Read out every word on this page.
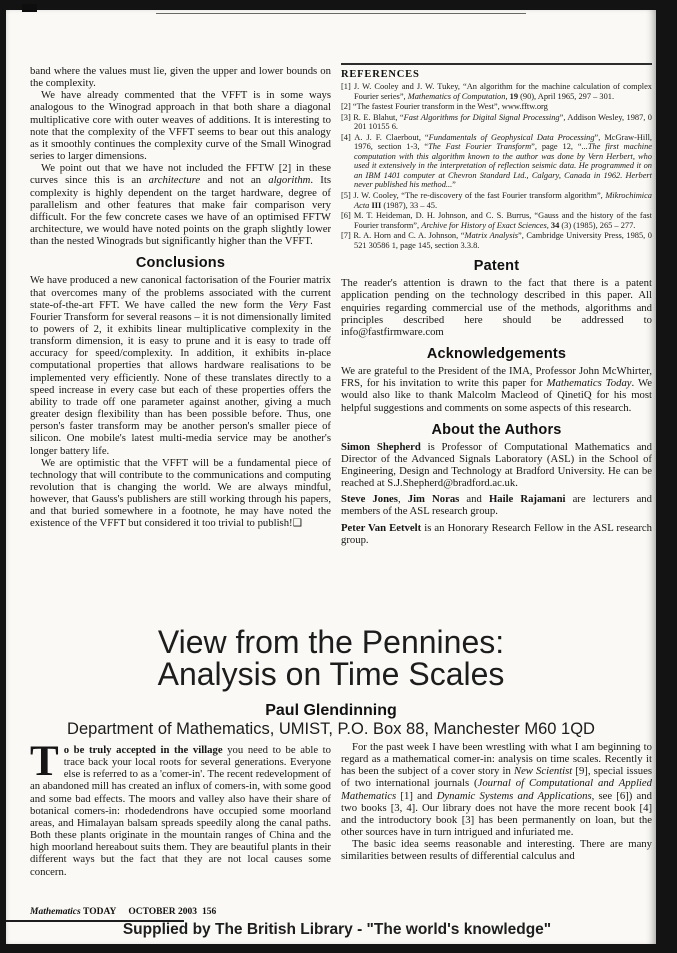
band where the values must lie, given the upper and lower bounds on the complexity.

We have already commented that the VFFT is in some ways analogous to the Winograd approach in that both share a diagonal multiplicative core with outer weaves of additions. It is interesting to note that the complexity of the VFFT seems to bear out this analogy as it smoothly continues the complexity curve of the Small Winograd series to larger dimensions.

We point out that we have not included the FFTW [2] in these curves since this is an architecture and not an algorithm. Its complexity is highly dependent on the target hardware, degree of parallelism and other features that make fair comparison very difficult. For the few concrete cases we have of an optimised FFTW architecture, we would have noted points on the graph slightly lower than the nested Winograds but significantly higher than the VFFT.

Conclusions

We have produced a new canonical factorisation of the Fourier matrix that overcomes many of the problems associated with the current state-of-the-art FFT. We have called the new form the Very Fast Fourier Transform for several reasons – it is not dimensionally limited to powers of 2, it exhibits linear multiplicative complexity in the transform dimension, it is easy to prune and it is easy to trade off accuracy for speed/complexity. In addition, it exhibits in-place computational properties that allows hardware realisations to be implemented very efficiently. None of these translates directly to a speed increase in every case but each of these properties offers the ability to trade off one parameter against another, giving a much greater design flexibility than has been possible before. Thus, one person's faster transform may be another person's smaller piece of silicon. One mobile's latest multi-media service may be another's longer battery life.

We are optimistic that the VFFT will be a fundamental piece of technology that will contribute to the communications and computing revolution that is changing the world. We are always mindful, however, that Gauss's publishers are still working through his papers, and that buried somewhere in a footnote, he may have noted the existence of the VFFT but considered it too trivial to publish!❑

REFERENCES

[1] J. W. Cooley and J. W. Tukey, “An algorithm for the machine calculation of complex Fourier series”, Mathematics of Computation, 19 (90), April 1965, 297 – 301.

[2] “The fastest Fourier transform in the West”, www.fftw.org

[3] R. E. Blahut, “Fast Algorithms for Digital Signal Processing”, Addison Wesley, 1987, 0 201 10155 6.

[4] A. J. F. Claerbout, “Fundamentals of Geophysical Data Processing”, McGraw-Hill, 1976, section 1-3, “The Fast Fourier Transform”, page 12, “...The first machine computation with this algorithm known to the author was done by Vern Herbert, who used it extensively in the interpretation of reflection seismic data. He programmed it on an IBM 1401 computer at Chevron Standard Ltd., Calgary, Canada in 1962. Herbert never published his method...”

[5] J. W. Cooley, “The re-discovery of the fast Fourier transform algorithm”, Mikrochimica Acta III (1987), 33 – 45.

[6] M. T. Heideman, D. H. Johnson, and C. S. Burrus, “Gauss and the history of the fast Fourier transform”, Archive for History of Exact Sciences, 34 (3) (1985), 265 – 277.

[7] R. A. Horn and C. A. Johnson, “Matrix Analysis”, Cambridge University Press, 1985, 0 521 30586 1, page 145, section 3.3.8.

Patent

The reader's attention is drawn to the fact that there is a patent application pending on the technology described in this paper. All enquiries regarding commercial use of the methods, algorithms and principles described here should be addressed to info@fastfirmware.com

Acknowledgements

We are grateful to the President of the IMA, Professor John McWhirter, FRS, for his invitation to write this paper for Mathematics Today. We would also like to thank Malcolm Macleod of QinetiQ for his most helpful suggestions and comments on some aspects of this research.

About the Authors

Simon Shepherd is Professor of Computational Mathematics and Director of the Advanced Signals Laboratory (ASL) in the School of Engineering, Design and Technology at Bradford University. He can be reached at S.J.Shepherd@bradford.ac.uk.

Steve Jones, Jim Noras and Haile Rajamani are lecturers and members of the ASL research group.

Peter Van Eetvelt is an Honorary Research Fellow in the ASL research group.

View from the Pennines:
Analysis on Time Scales
Paul Glendinning
Department of Mathematics, UMIST, P.O. Box 88, Manchester M60 1QD

To be truly accepted in the village you need to be able to trace back your local roots for several generations. Everyone else is referred to as a 'comer-in'. The recent redevelopment of an abandoned mill has created an influx of comers-in, with some good and some bad effects. The moors and valley also have their share of botanical comers-in: rhodedendrons have occupied some moorland areas, and Himalayan balsam spreads speedily along the canal paths. Both these plants originate in the mountain ranges of China and the high moorland hereabout suits them. They are beautiful plants in their different ways but the fact that they are not local causes some concern.

For the past week I have been wrestling with what I am beginning to regard as a mathematical comer-in: analysis on time scales. Recently it has been the subject of a cover story in New Scientist [9], special issues of two international journals (Journal of Computational and Applied Mathematics [1] and Dynamic Systems and Applications, see [6]) and two books [3, 4]. Our library does not have the more recent book [4] and the introductory book [3] has been permanently on loan, but the other sources have in turn intrigued and infuriated me.

The basic idea seems reasonable and interesting. There are many similarities between results of differential calculus and

Mathematics TODAY OCTOBER 2003 156
Supplied by The British Library - "The world's knowledge"
